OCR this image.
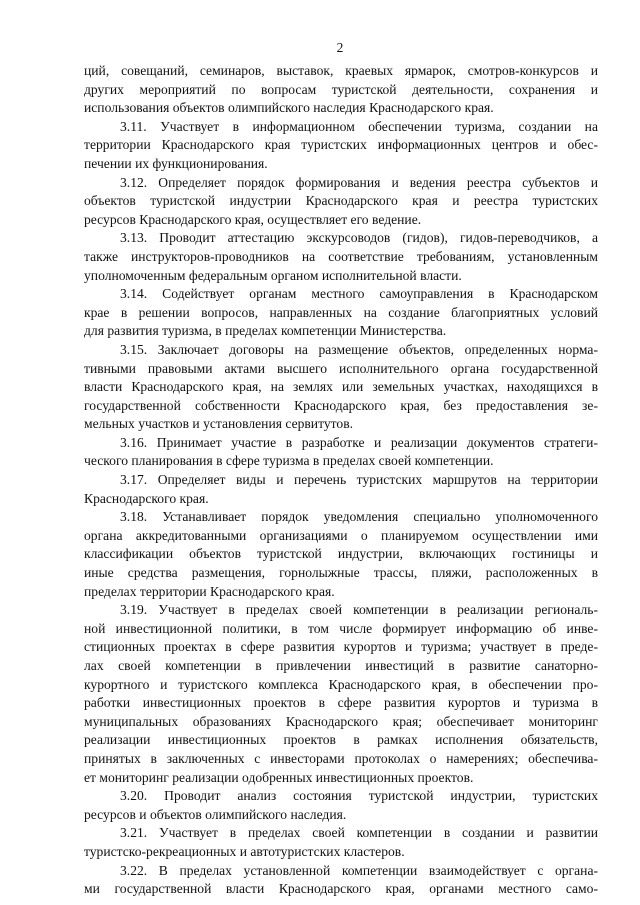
2
ций, совещаний, семинаров, выставок, краевых ярмарок, смотров-конкурсов и
других мероприятий по вопросам туристской деятельности, сохранения и
использования объектов олимпийского наследия Краснодарского края.
3.11. Участвует в информационном обеспечении туризма, создании на
территории Краснодарского края туристских информационных центров и обес-
печении их функционирования.
3.12. Определяет порядок формирования и ведения реестра субъектов и
объектов туристской индустрии Краснодарского края и реестра туристских
ресурсов Краснодарского края, осуществляет его ведение.
3.13. Проводит аттестацию экскурсоводов (гидов), гидов-переводчиков, а
также инструкторов-проводников на соответствие требованиям, установленным
уполномоченным федеральным органом исполнительной власти.
3.14. Содействует органам местного самоуправления в Краснодарском
крае в решении вопросов, направленных на создание благоприятных условий
для развития туризма, в пределах компетенции Министерства.
3.15. Заключает договоры на размещение объектов, определенных норма-
тивными правовыми актами высшего исполнительного органа государственной
власти Краснодарского края, на землях или земельных участках, находящихся в
государственной собственности Краснодарского края, без предоставления зе-
мельных участков и установления сервитутов.
3.16. Принимает участие в разработке и реализации документов стратеги-
ческого планирования в сфере туризма в пределах своей компетенции.
3.17. Определяет виды и перечень туристских маршрутов на территории
Краснодарского края.
3.18. Устанавливает порядок уведомления специально уполномоченного
органа аккредитованными организациями о планируемом осуществлении ими
классификации объектов туристской индустрии, включающих гостиницы и
иные средства размещения, горнолыжные трассы, пляжи, расположенных в
пределах территории Краснодарского края.
3.19. Участвует в пределах своей компетенции в реализации региональ-
ной инвестиционной политики, в том числе формирует информацию об инве-
стиционных проектах в сфере развития курортов и туризма; участвует в преде-
лах своей компетенции в привлечении инвестиций в развитие санаторно-
курортного и туристского комплекса Краснодарского края, в обеспечении про-
работки инвестиционных проектов в сфере развития курортов и туризма в
муниципальных образованиях Краснодарского края; обеспечивает мониторинг
реализации инвестиционных проектов в рамках исполнения обязательств,
принятых в заключенных с инвесторами протоколах о намерениях; обеспечива-
ет мониторинг реализации одобренных инвестиционных проектов.
3.20. Проводит анализ состояния туристской индустрии, туристских
ресурсов и объектов олимпийского наследия.
3.21. Участвует в пределах своей компетенции в создании и развитии
туристско-рекреационных и автотуристских кластеров.
3.22. В пределах установленной компетенции взаимодействует с органа-
ми государственной власти Краснодарского края, органами местного само-
